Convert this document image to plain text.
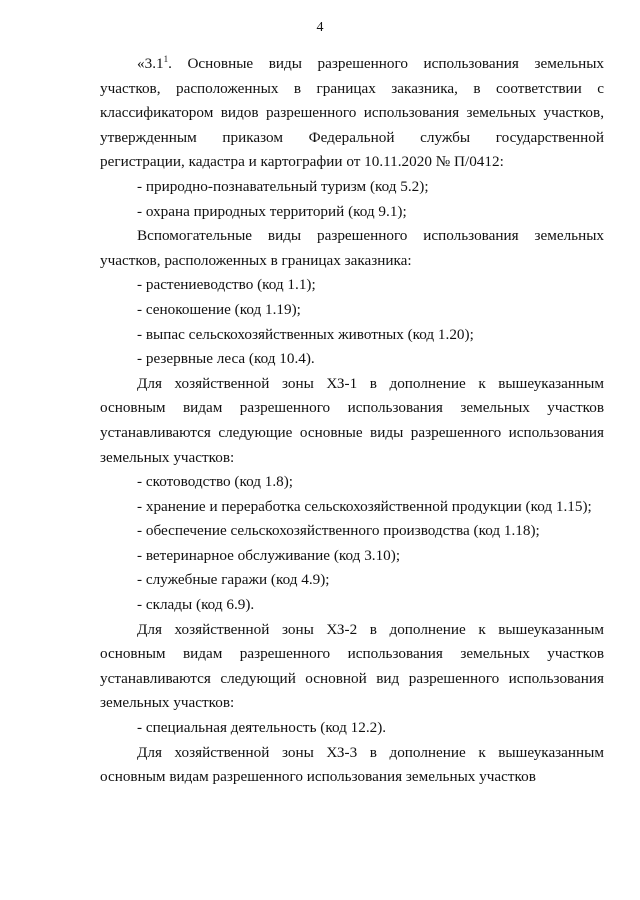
4

«$3.1^1$. Основные виды разрешенного использования земельных участков, расположенных в границах заказника, в соответствии с классификатором видов разрешенного использования земельных участков, утвержденным приказом Федеральной службы государственной регистрации, кадастра и картографии от 10.11.2020 № П/0412:

- природно-познавательный туризм (код 5.2);

- охрана природных территорий (код 9.1);

Вспомогательные виды разрешенного использования земельных участков, расположенных в границах заказника:

- растениеводство (код 1.1);

- сенокошение (код 1.19);

- выпас сельскохозяйственных животных (код 1.20);

- резервные леса (код 10.4).

Для хозяйственной зоны ХЗ-1 в дополнение к вышеуказанным основным видам разрешенного использования земельных участков устанавливаются следующие основные виды разрешенного использования земельных участков:

- скотоводство (код 1.8);

- хранение и переработка сельскохозяйственной продукции (код 1.15);

- обеспечение сельскохозяйственного производства (код 1.18);

- ветеринарное обслуживание (код 3.10);

- служебные гаражи (код 4.9);

- склады (код 6.9).

Для хозяйственной зоны ХЗ-2 в дополнение к вышеуказанным основным видам разрешенного использования земельных участков устанавливаются следующий основной вид разрешенного использования земельных участков:

- специальная деятельность (код 12.2).

Для хозяйственной зоны ХЗ-3 в дополнение к вышеуказанным основным видам разрешенного использования земельных участков
